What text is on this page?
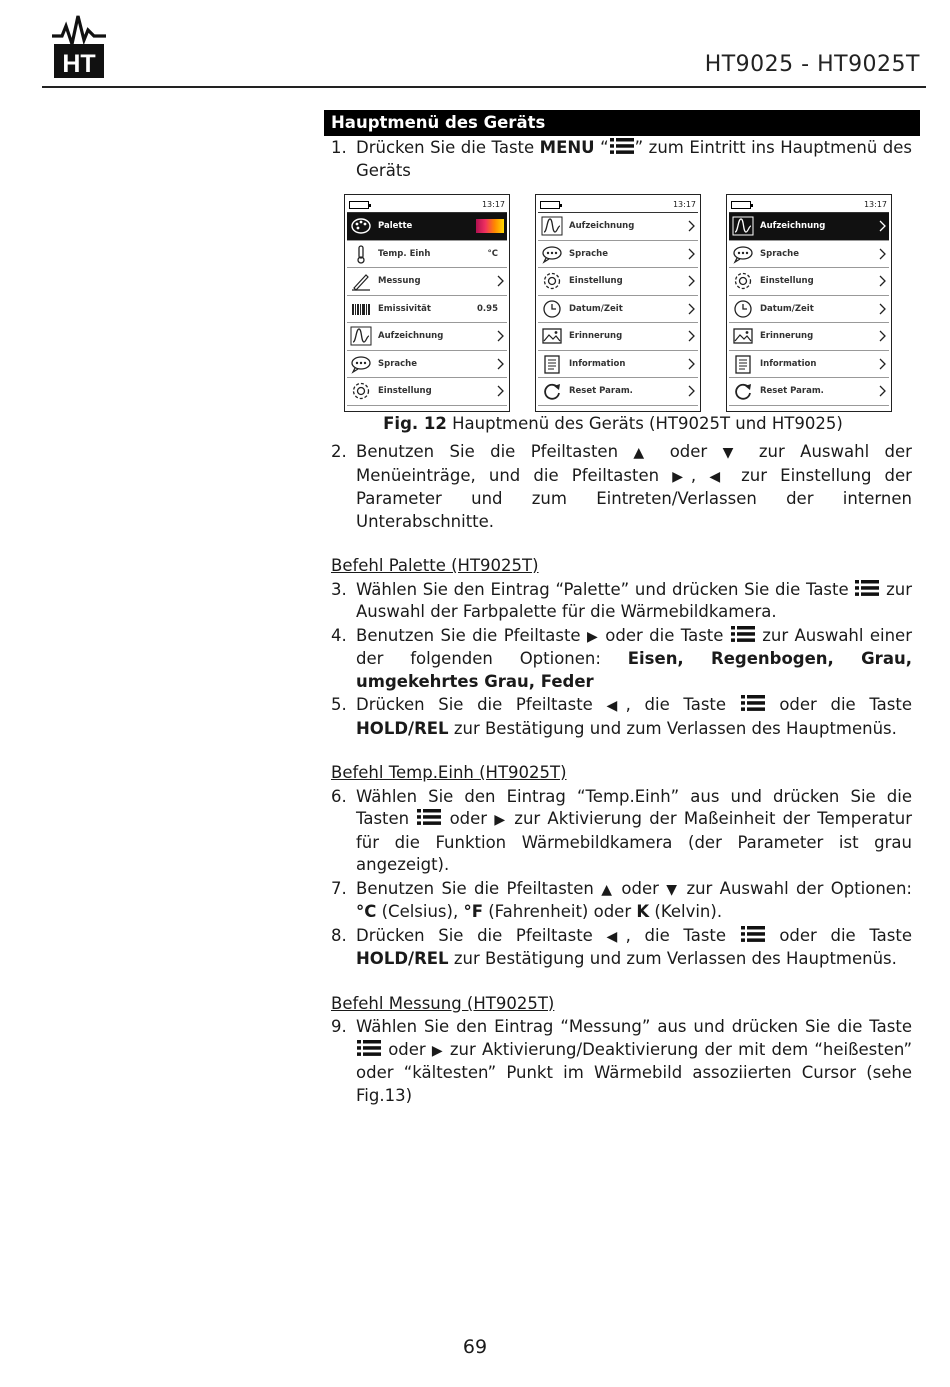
HT	HT9025 - HT9025T
Hauptmenü des Geräts
1. Drücken Sie die Taste MENU “ ” zum Eintritt ins Hauptmenü des Geräts
13:17
Palette
Temp. Einh	°C
Messung
Emissivität	0.95
Aufzeichnung
Sprache
Einstellung
13:17
Aufzeichnung
Sprache
Einstellung
Datum/Zeit
Erinnerung
Information
Reset Param.
13:17
Aufzeichnung
Sprache
Einstellung
Datum/Zeit
Erinnerung
Information
Reset Param.
Fig. 12 Hauptmenü des Geräts (HT9025T und HT9025)
2. Benutzen Sie die Pfeiltasten ▲ oder ▼ zur Auswahl der Menüeinträge, und die Pfeiltasten ▶, ◀ zur Einstellung der Parameter und zum Eintreten/Verlassen der internen Unterabschnitte.
Befehl Palette (HT9025T)
3. Wählen Sie den Eintrag “Palette” und drücken Sie die Taste  zur Auswahl der Farbpalette für die Wärmebildkamera.
4. Benutzen Sie die Pfeiltaste ▶ oder die Taste  zur Auswahl einer der folgenden Optionen: Eisen, Regenbogen, Grau, umgekehrtes Grau, Feder
5. Drücken Sie die Pfeiltaste ◀, die Taste  oder die Taste HOLD/REL zur Bestätigung und zum Verlassen des Hauptmenüs.
Befehl Temp.Einh (HT9025T)
6. Wählen Sie den Eintrag “Temp.Einh” aus und drücken Sie die Tasten  oder ▶ zur Aktivierung der Maßeinheit der Temperatur für die Funktion Wärmebildkamera (der Parameter ist grau angezeigt).
7. Benutzen Sie die Pfeiltasten ▲ oder ▼ zur Auswahl der Optionen: °C (Celsius), °F (Fahrenheit) oder K (Kelvin).
8. Drücken Sie die Pfeiltaste ◀, die Taste  oder die Taste HOLD/REL zur Bestätigung und zum Verlassen des Hauptmenüs.
Befehl Messung (HT9025T)
9. Wählen Sie den Eintrag “Messung” aus und drücken Sie die Taste  oder ▶ zur Aktivierung/Deaktivierung der mit dem “heißesten” oder “kältesten” Punkt im Wärmebild assoziierten Cursor (sehe Fig.13)
69
